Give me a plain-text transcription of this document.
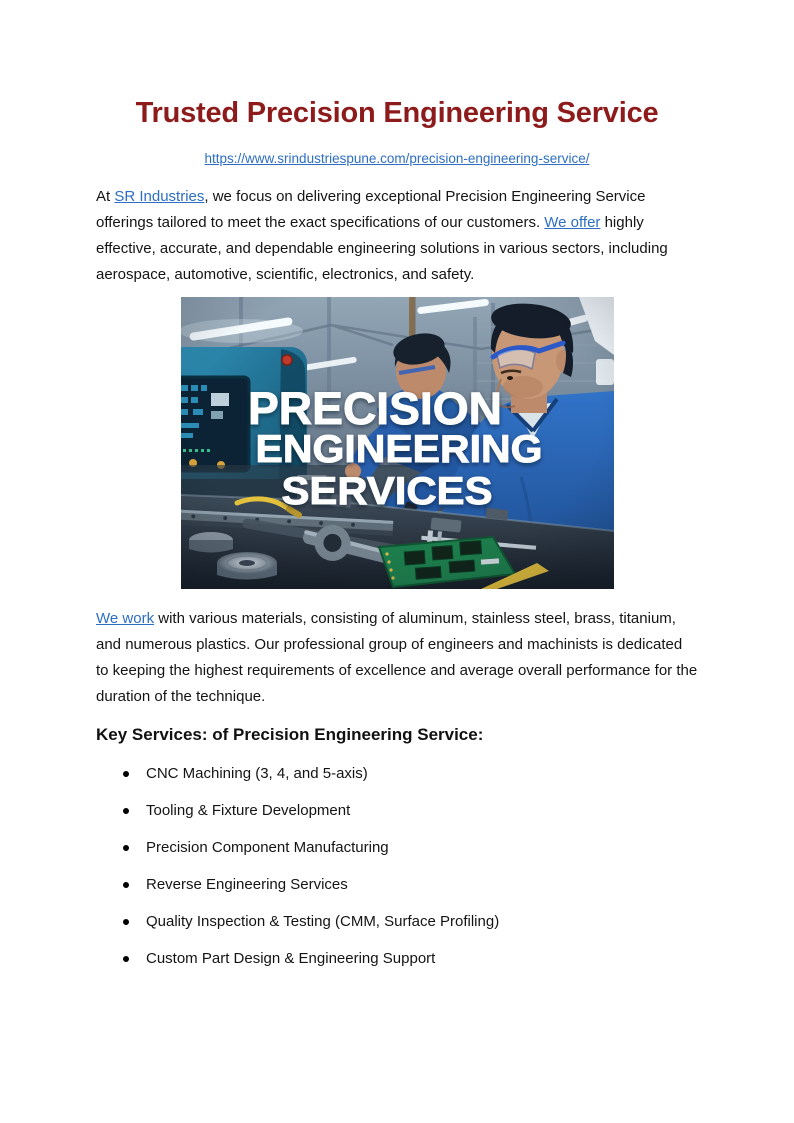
Trusted Precision Engineering Service
https://www.srindustriespune.com/precision-engineering-service/

At SR Industries, we focus on delivering exceptional Precision Engineering Service offerings tailored to meet the exact specifications of our customers. We offer highly effective, accurate, and dependable engineering solutions in various sectors, including aerospace, automotive, scientific, electronics, and safety.

PRECISION
ENGINEERING
SERVICES

We work with various materials, consisting of aluminum, stainless steel, brass, titanium, and numerous plastics. Our professional group of engineers and machinists is dedicated to keeping the highest requirements of excellence and average overall performance for the duration of the technique.

Key Services: of Precision Engineering Service:
CNC Machining (3, 4, and 5-axis)
Tooling & Fixture Development
Precision Component Manufacturing
Reverse Engineering Services
Quality Inspection & Testing (CMM, Surface Profiling)
Custom Part Design & Engineering Support
